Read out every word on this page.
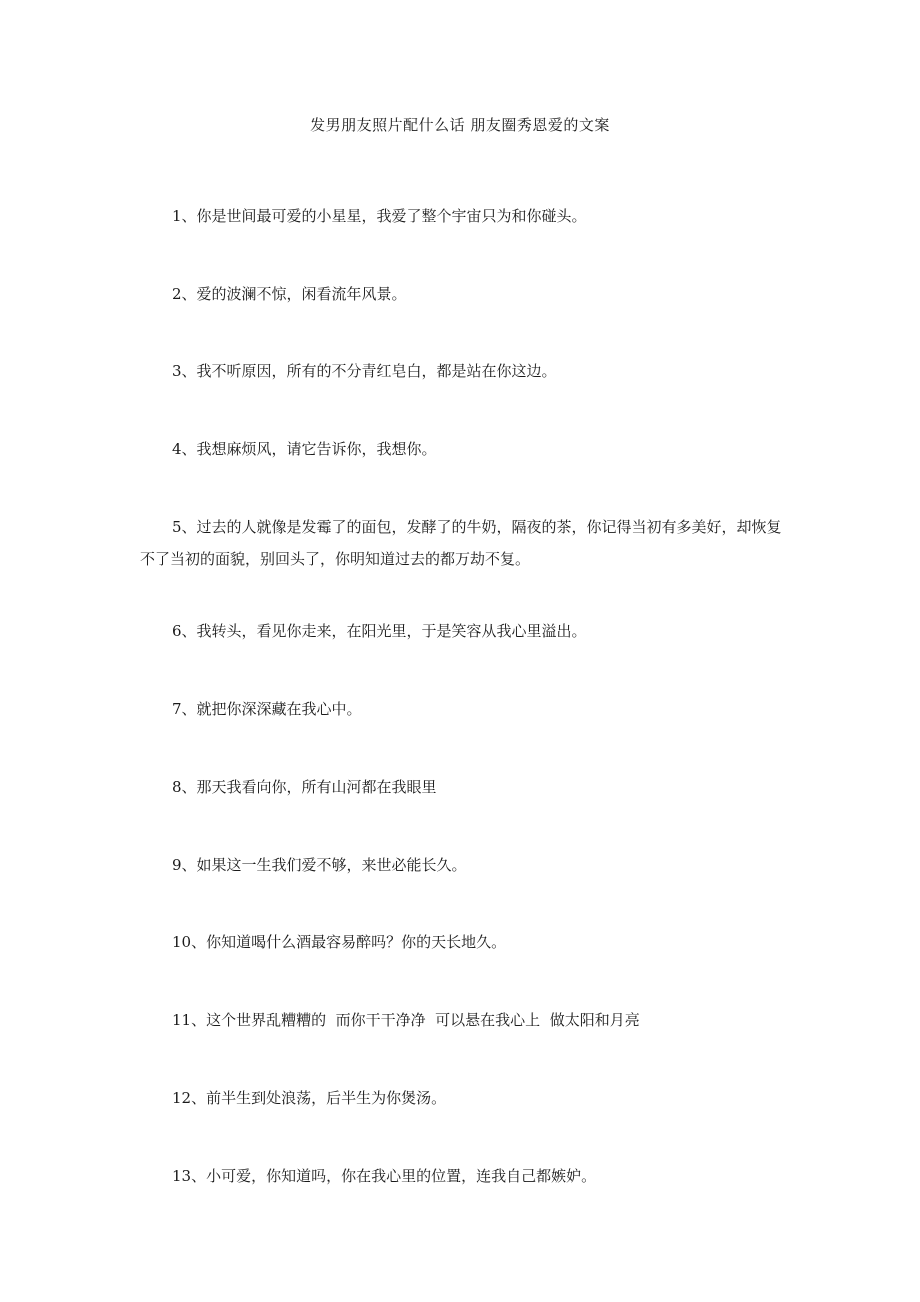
发男朋友照片配什么话 朋友圈秀恩爱的文案
1、你是世间最可爱的小星星，我爱了整个宇宙只为和你碰头。
2、爱的波澜不惊，闲看流年风景。
3、我不听原因，所有的不分青红皂白，都是站在你这边。
4、我想麻烦风，请它告诉你，我想你。
5、过去的人就像是发霉了的面包，发酵了的牛奶，隔夜的茶，你记得当初有多美好，却恢复不了当初的面貌，别回头了，你明知道过去的都万劫不复。
6、我转头，看见你走来，在阳光里，于是笑容从我心里溢出。
7、就把你深深藏在我心中。
8、那天我看向你，所有山河都在我眼里
9、如果这一生我们爱不够，来世必能长久。
10、你知道喝什么酒最容易醉吗？你的天长地久。
11、这个世界乱糟糟的  而你干干净净  可以悬在我心上  做太阳和月亮
12、前半生到处浪荡，后半生为你煲汤。
13、小可爱，你知道吗，你在我心里的位置，连我自己都嫉妒。
